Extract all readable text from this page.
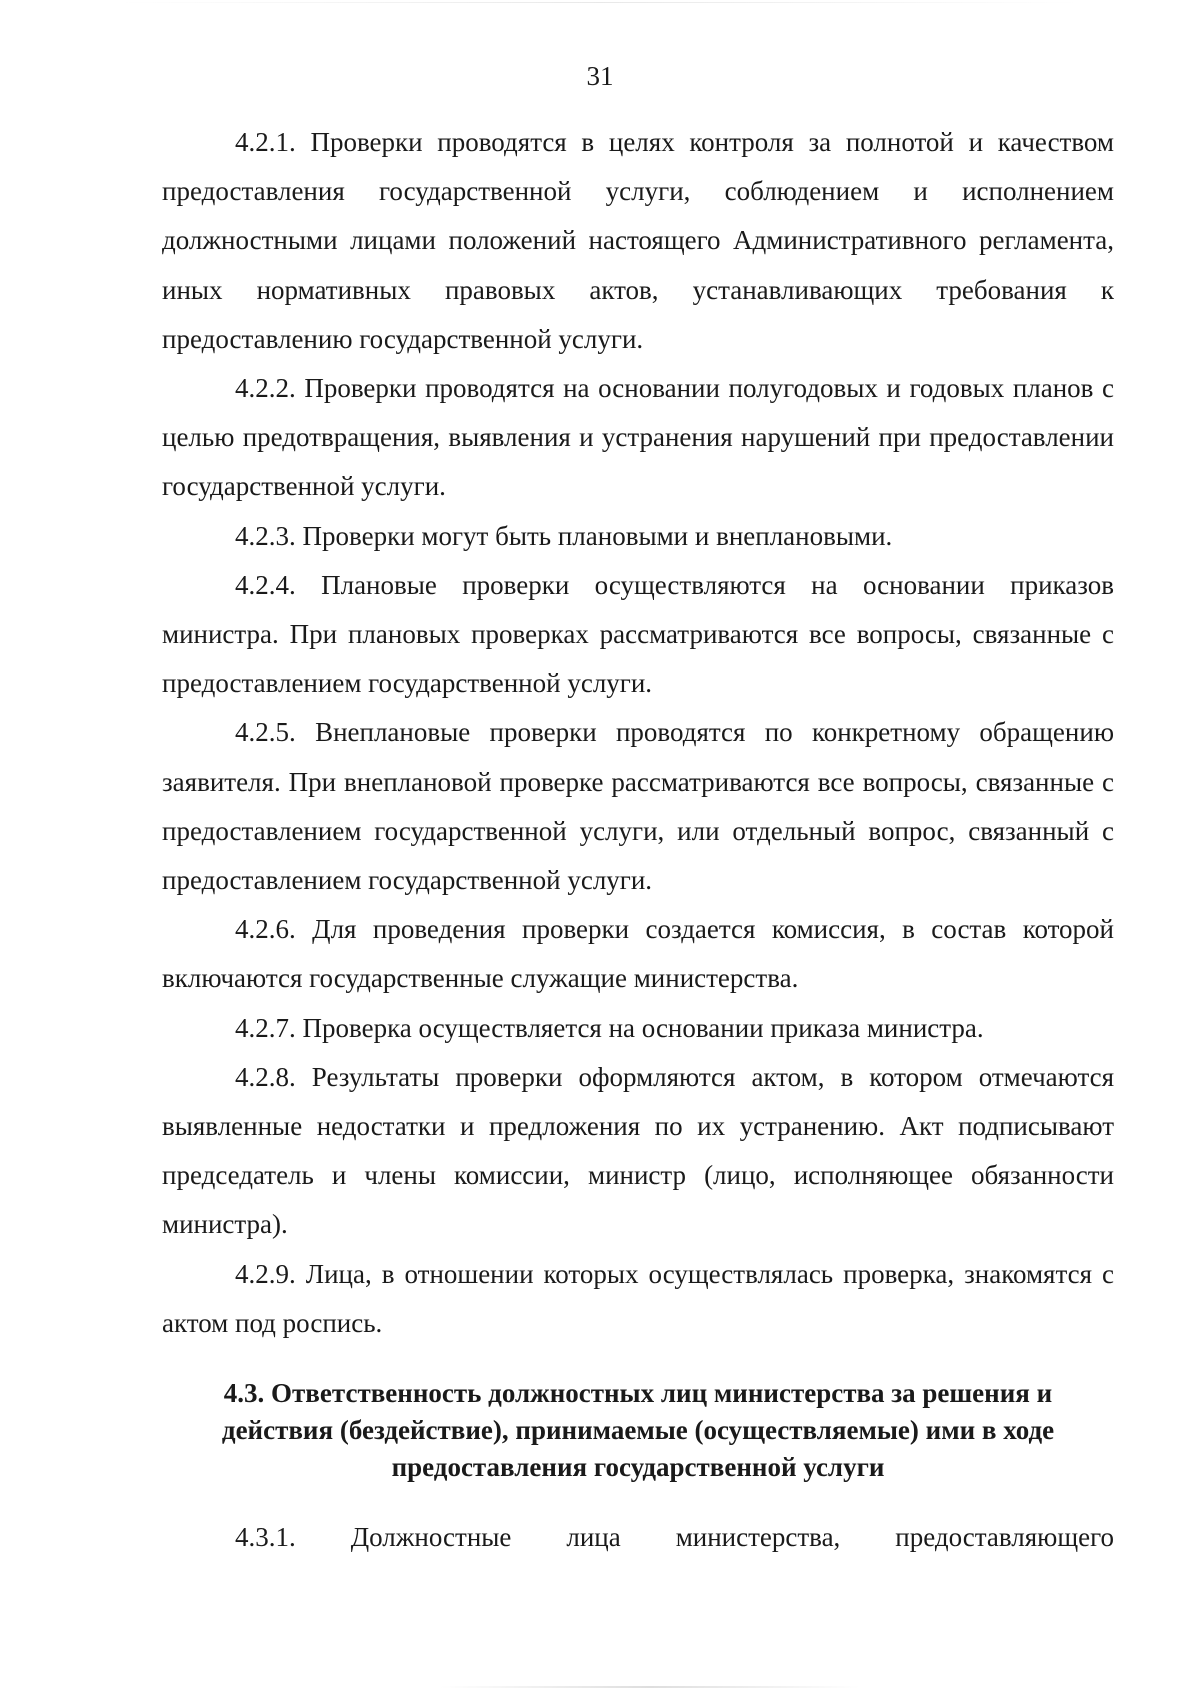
31

4.2.1. Проверки проводятся в целях контроля за полнотой и качеством предоставления государственной услуги, соблюдением и исполнением должностными лицами положений настоящего Административного регламента, иных нормативных правовых актов, устанавливающих требования к предоставлению государственной услуги.

4.2.2. Проверки проводятся на основании полугодовых и годовых планов с целью предотвращения, выявления и устранения нарушений при предоставлении государственной услуги.

4.2.3. Проверки могут быть плановыми и внеплановыми.

4.2.4. Плановые проверки осуществляются на основании приказов министра. При плановых проверках рассматриваются все вопросы, связанные с предоставлением государственной услуги.

4.2.5. Внеплановые проверки проводятся по конкретному обращению заявителя. При внеплановой проверке рассматриваются все вопросы, связанные с предоставлением государственной услуги, или отдельный вопрос, связанный с предоставлением государственной услуги.

4.2.6. Для проведения проверки создается комиссия, в состав которой включаются государственные служащие министерства.

4.2.7. Проверка осуществляется на основании приказа министра.

4.2.8. Результаты проверки оформляются актом, в котором отмечаются выявленные недостатки и предложения по их устранению. Акт подписывают председатель и члены комиссии, министр (лицо, исполняющее обязанности министра).

4.2.9. Лица, в отношении которых осуществлялась проверка, знакомятся с актом под роспись.

4.3. Ответственность должностных лиц министерства за решения и действия (бездействие), принимаемые (осуществляемые) ими в ходе предоставления государственной услуги

4.3.1. Должностные лица министерства, предоставляющего
